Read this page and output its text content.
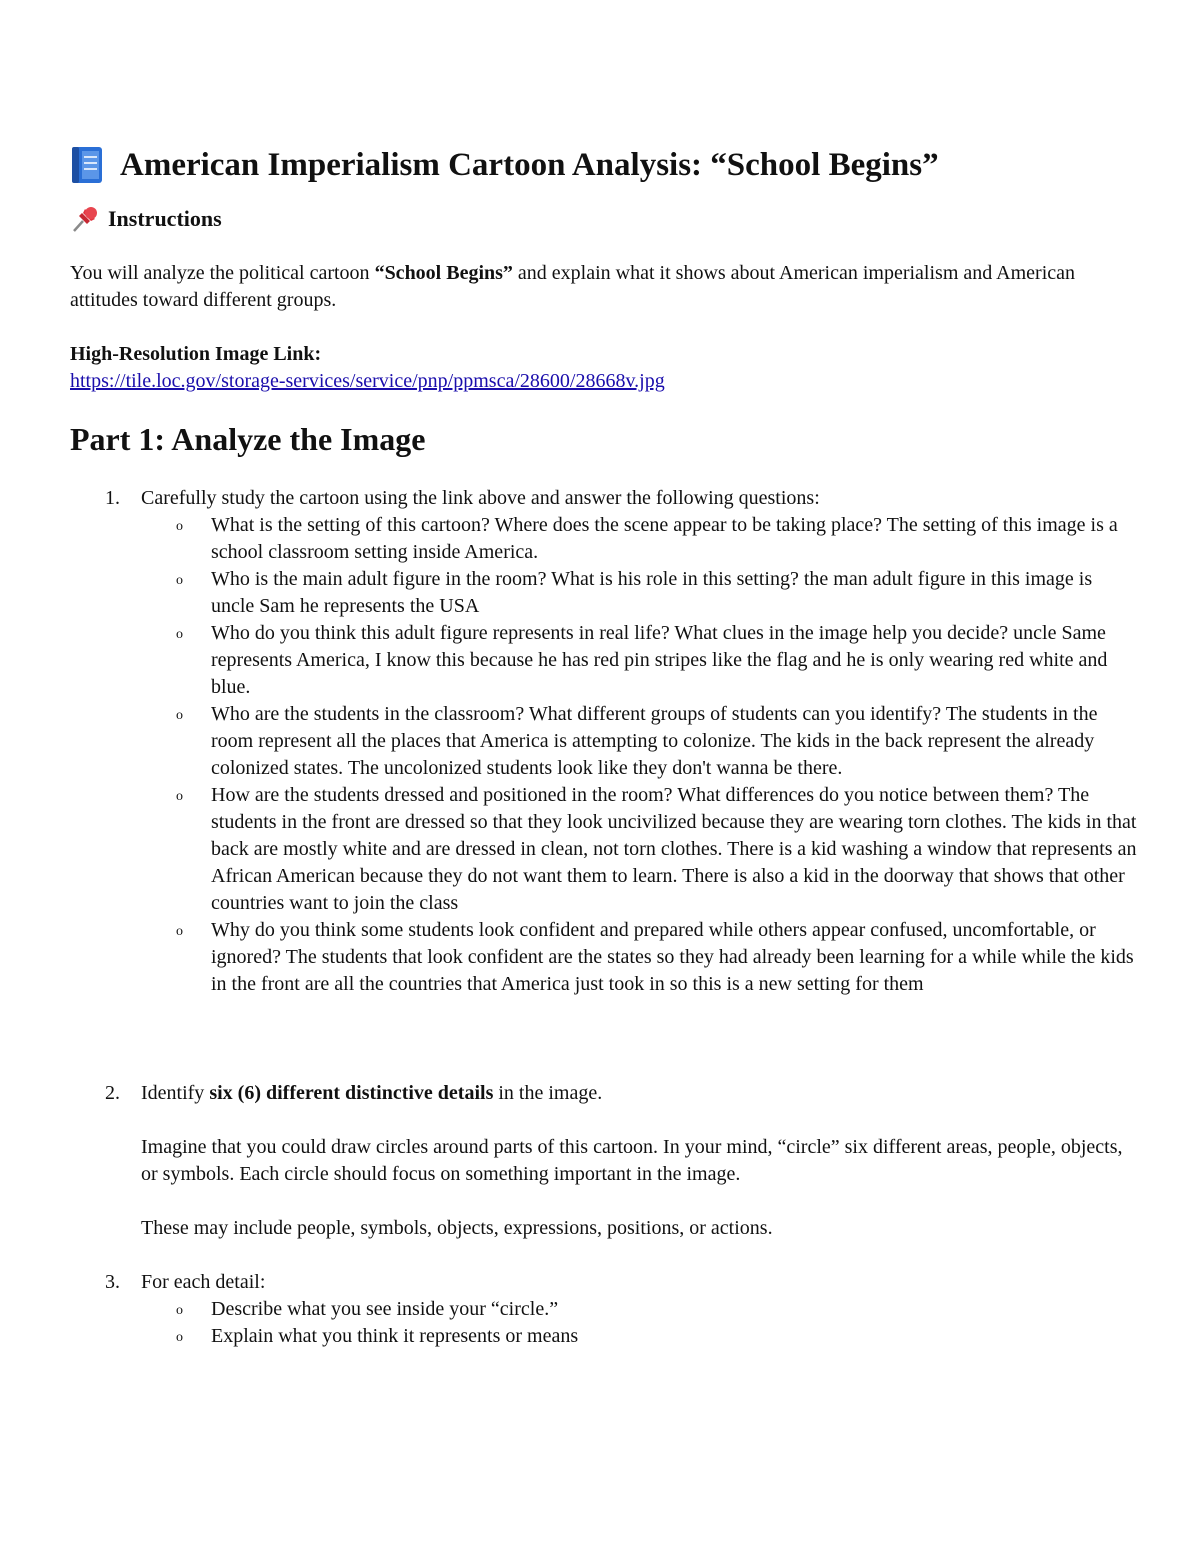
American Imperialism Cartoon Analysis: “School Begins”
Instructions

You will analyze the political cartoon “School Begins” and explain what it shows about American imperialism and American attitudes toward different groups.

High-Resolution Image Link:

https://tile.loc.gov/storage-services/service/pnp/ppmsca/28600/28668v.jpg
Part 1: Analyze the Image
1. Carefully study the cartoon using the link above and answer the following questions:
o	What is the setting of this cartoon? Where does the scene appear to be taking place? The setting of this image is a school classroom setting inside America.
o	Who is the main adult figure in the room? What is his role in this setting? the man adult figure in this image is uncle Sam he represents the USA
o	Who do you think this adult figure represents in real life? What clues in the image help you decide? uncle Same represents America, I know this because he has red pin stripes like the flag and he is only wearing red white and blue.
o	Who are the students in the classroom? What different groups of students can you identify? The students in the room represent all the places that America is attempting to colonize. The kids in the back represent the already colonized states. The uncolonized students look like they don't wanna be there.
o	How are the students dressed and positioned in the room? What differences do you notice between them? The students in the front are dressed so that they look uncivilized because they are wearing torn clothes. The kids in that back are mostly white and are dressed in clean, not torn clothes. There is a kid washing a window that represents an African American because they do not want them to learn. There is also a kid in the doorway that shows that other countries want to join the class
o	Why do you think some students look confident and prepared while others appear confused, uncomfortable, or ignored? The students that look confident are the states so they had already been learning for a while while the kids in the front are all the countries that America just took in so this is a new setting for them
2. Identify six (6) different distinctive details in the image.
Imagine that you could draw circles around parts of this cartoon. In your mind, “circle” six different areas, people, objects, or symbols. Each circle should focus on something important in the image.
These may include people, symbols, objects, expressions, positions, or actions.
3. For each detail:
o	Describe what you see inside your “circle.”
o	Explain what you think it represents or means
